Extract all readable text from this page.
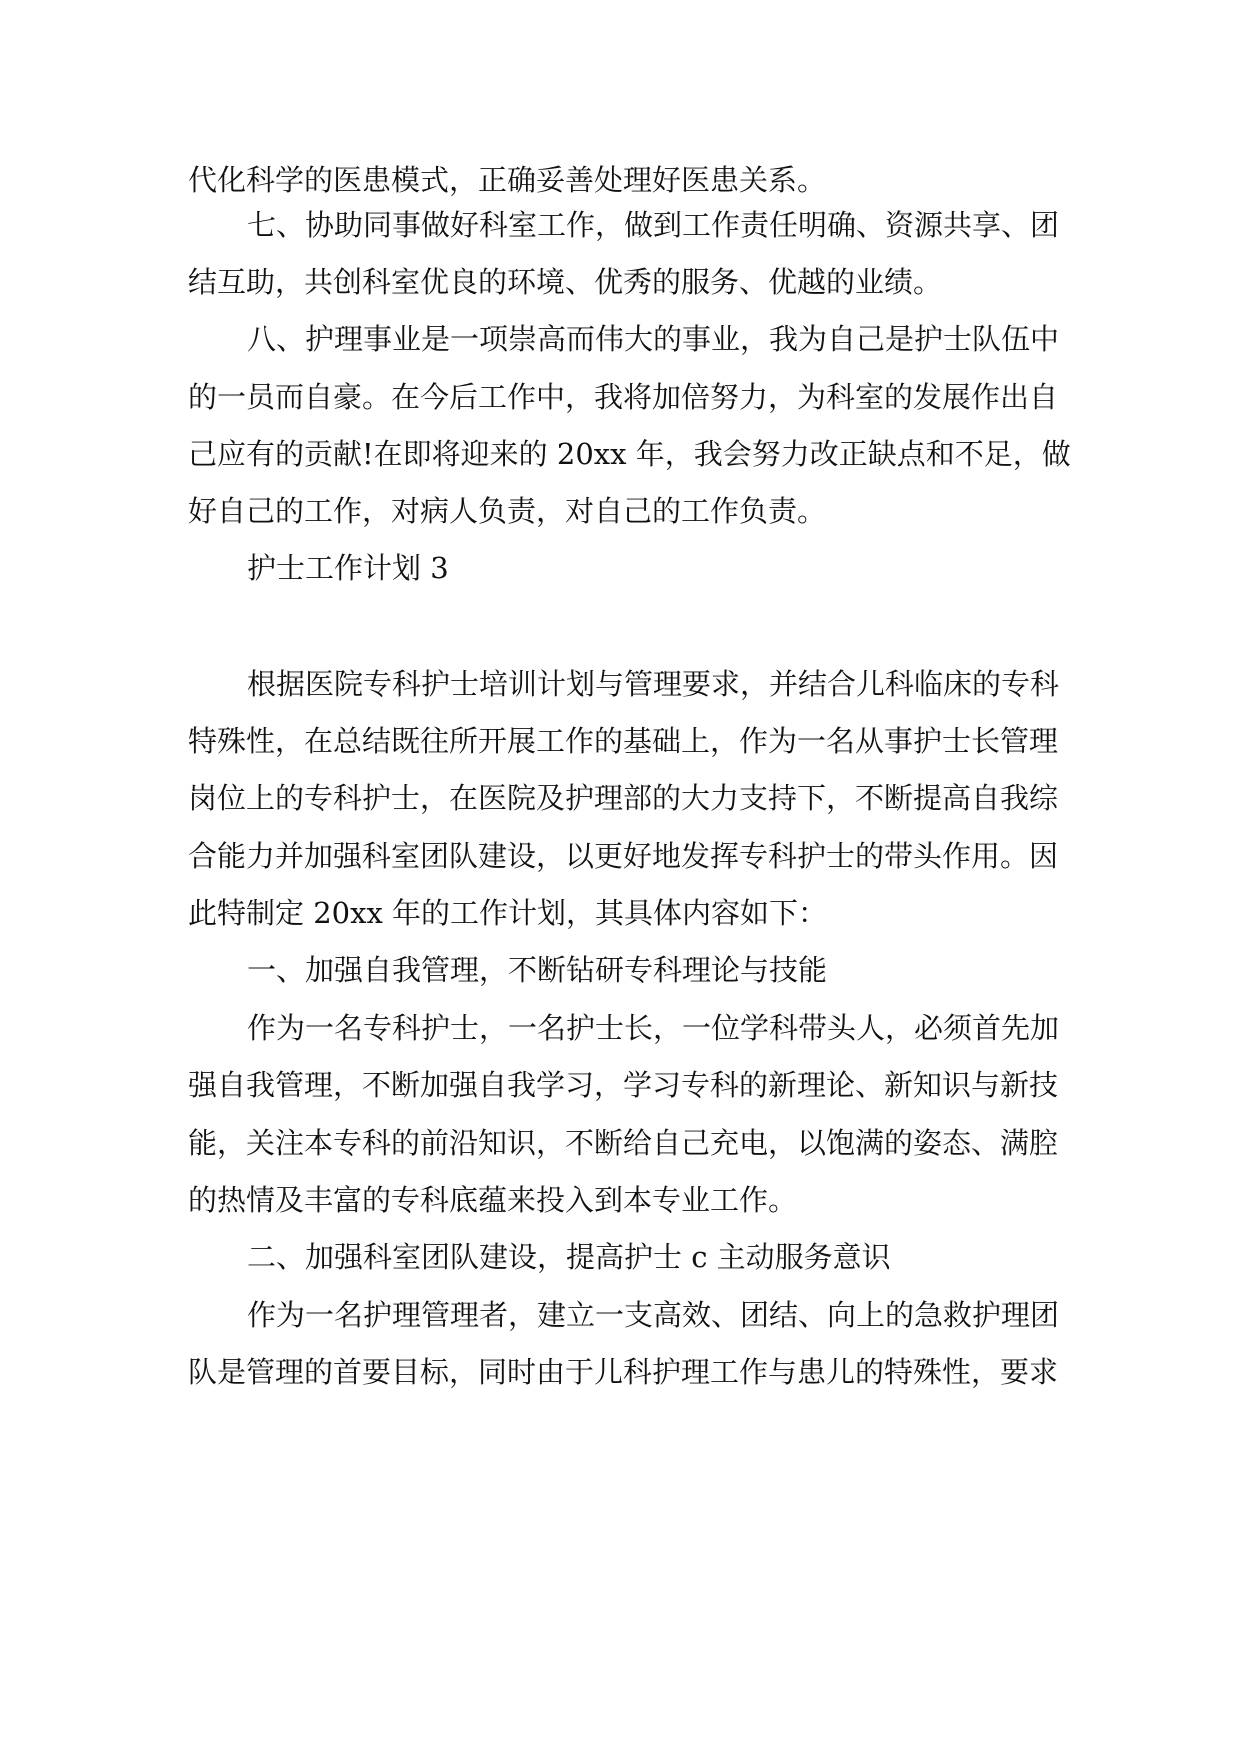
代化科学的医患模式，正确妥善处理好医患关系。
七、协助同事做好科室工作，做到工作责任明确、资源共享、团
结互助，共创科室优良的环境、优秀的服务、优越的业绩。
八、护理事业是一项崇高而伟大的事业，我为自己是护士队伍中
的一员而自豪。在今后工作中，我将加倍努力，为科室的发展作出自
己应有的贡献!在即将迎来的 20xx 年，我会努力改正缺点和不足，做
好自己的工作，对病人负责，对自己的工作负责。
护士工作计划 3
根据医院专科护士培训计划与管理要求，并结合儿科临床的专科
特殊性，在总结既往所开展工作的基础上，作为一名从事护士长管理
岗位上的专科护士，在医院及护理部的大力支持下，不断提高自我综
合能力并加强科室团队建设，以更好地发挥专科护士的带头作用。因
此特制定 20xx 年的工作计划，其具体内容如下：
一、加强自我管理，不断钻研专科理论与技能
作为一名专科护士，一名护士长，一位学科带头人，必须首先加
强自我管理，不断加强自我学习，学习专科的新理论、新知识与新技
能，关注本专科的前沿知识，不断给自己充电，以饱满的姿态、满腔
的热情及丰富的专科底蕴来投入到本专业工作。
二、加强科室团队建设，提高护士 c 主动服务意识
作为一名护理管理者，建立一支高效、团结、向上的急救护理团
队是管理的首要目标，同时由于儿科护理工作与患儿的特殊性，要求
